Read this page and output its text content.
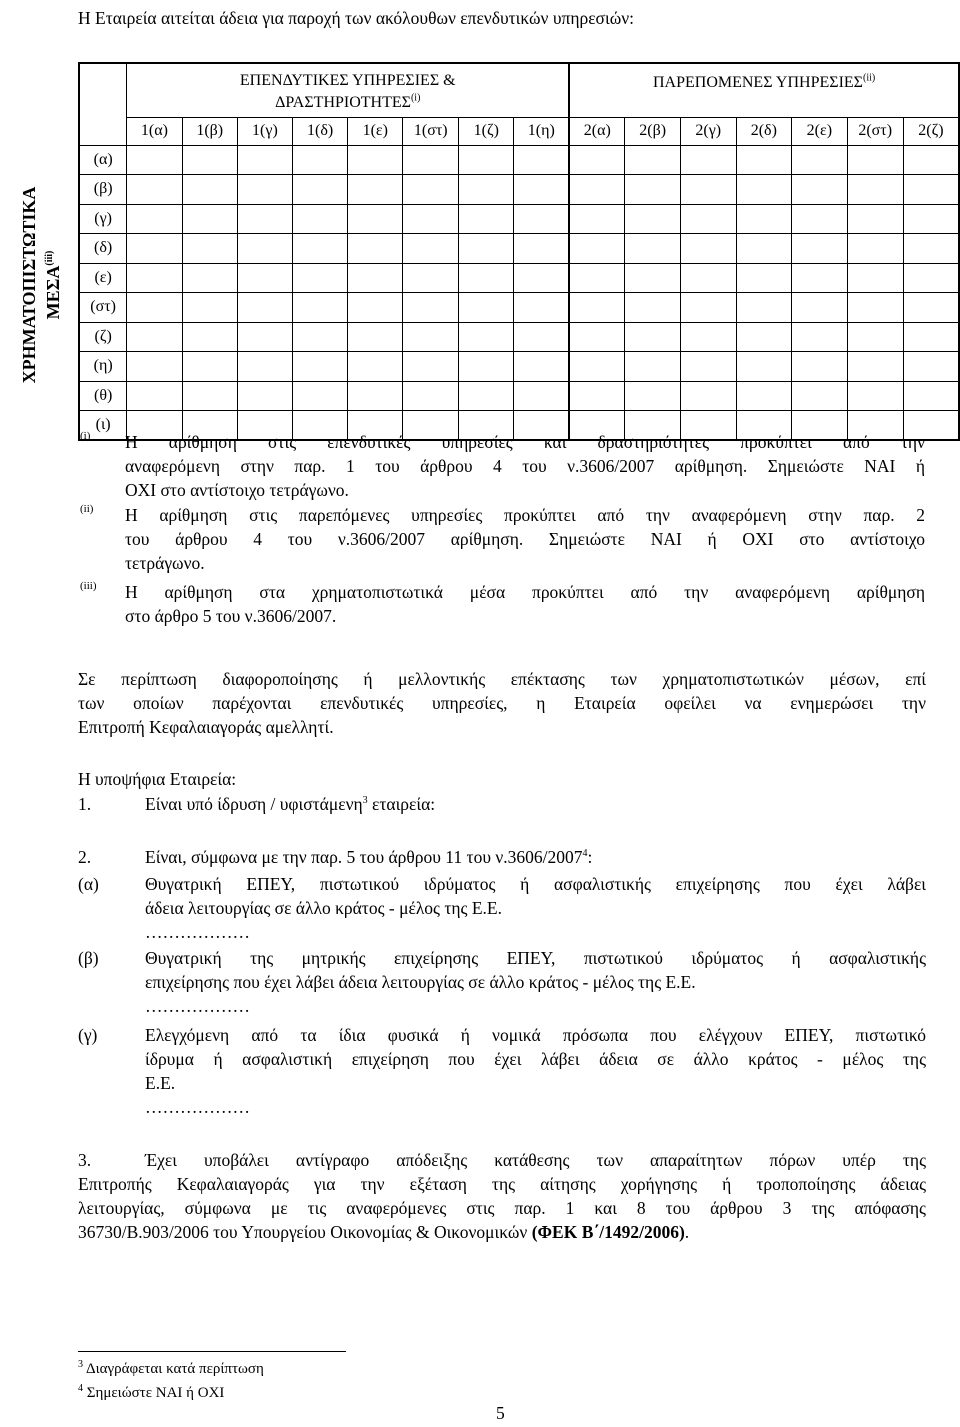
Η Εταιρεία αιτείται άδεια για παροχή των ακόλουθων επενδυτικών υπηρεσιών:

	ΕΠΕΝΔΥΤΙΚΕΣ ΥΠΗΡΕΣΙΕΣ &
ΔΡΑΣΤΗΡΙΟΤΗΤΕΣ$^{(i)}$								ΠΑΡΕΠΟΜΕΝΕΣ ΥΠΗΡΕΣΙΕΣ$^{(ii)}$
	1(α)	1(β)	1(γ)	1(δ)	1(ε)	1(στ)	1(ζ)	1(η)	2(α)	2(β)	2(γ)	2(δ)	2(ε)	2(στ)	2(ζ)
(α)															
(β)															
(γ)															
(δ)															
(ε)															
(στ)															
(ζ)															
(η)															
(θ)															
(ι)															
ΧΡΗΜΑΤΟΠΙΣΤΩΤΙΚΑ ΜΕΣΑ$^{(iii)}$
(i) Η αρίθμηση στις επενδυτικές υπηρεσίες και δραστηριότητες προκύπτει από την
αναφερόμενη στην παρ. 1 του άρθρου 4 του ν.3606/2007 αρίθμηση. Σημειώστε ΝΑΙ ή
ΟΧΙ στο αντίστοιχο τετράγωνο.
(ii) Η αρίθμηση στις παρεπόμενες υπηρεσίες προκύπτει από την αναφερόμενη στην παρ. 2
του άρθρου 4 του ν.3606/2007 αρίθμηση. Σημειώστε ΝΑΙ ή ΟΧΙ στο αντίστοιχο
τετράγωνο.
(iii) Η αρίθμηση στα χρηματοπιστωτικά μέσα προκύπτει από την αναφερόμενη αρίθμηση
στο άρθρο 5 του ν.3606/2007.
Σε περίπτωση διαφοροποίησης ή μελλοντικής επέκτασης των χρηματοπιστωτικών μέσων, επί
των οποίων παρέχονται επενδυτικές υπηρεσίες, η Εταιρεία οφείλει να ενημερώσει την
Επιτροπή Κεφαλαιαγοράς αμελλητί.
Η υποψήφια Εταιρεία:
1.	Είναι υπό ίδρυση / υφιστάμενη$^3$ εταιρεία:
2.	Είναι, σύμφωνα με την παρ. 5 του άρθρου 11 του ν.3606/2007$^4$:
(α)	Θυγατρική ΕΠΕΥ, πιστωτικού ιδρύματος ή ασφαλιστικής επιχείρησης που έχει λάβει
άδεια λειτουργίας σε άλλο κράτος - μέλος της Ε.Ε.
………………
(β)	Θυγατρική της μητρικής επιχείρησης ΕΠΕΥ, πιστωτικού ιδρύματος ή ασφαλιστικής
επιχείρησης που έχει λάβει άδεια λειτουργίας σε άλλο κράτος - μέλος της Ε.Ε.
………………
(γ)	Ελεγχόμενη από τα ίδια φυσικά ή νομικά πρόσωπα που ελέγχουν ΕΠΕΥ, πιστωτικό
ίδρυμα ή ασφαλιστική επιχείρηση που έχει λάβει άδεια σε άλλο κράτος - μέλος της
Ε.Ε.
………………
3.	Έχει υποβάλει αντίγραφο απόδειξης κατάθεσης των απαραίτητων πόρων υπέρ της
Επιτροπής Κεφαλαιαγοράς για την εξέταση της αίτησης χορήγησης ή τροποποίησης άδειας
λειτουργίας, σύμφωνα με τις αναφερόμενες στις παρ. 1 και 8 του άρθρου 3 της απόφασης
36730/Β.903/2006 του Υπουργείου Οικονομίας & Οικονομικών (ΦΕΚ Β΄/1492/2006).
$^3$ Διαγράφεται κατά περίπτωση
$^4$ Σημειώστε ΝΑΙ ή ΟΧΙ
5
